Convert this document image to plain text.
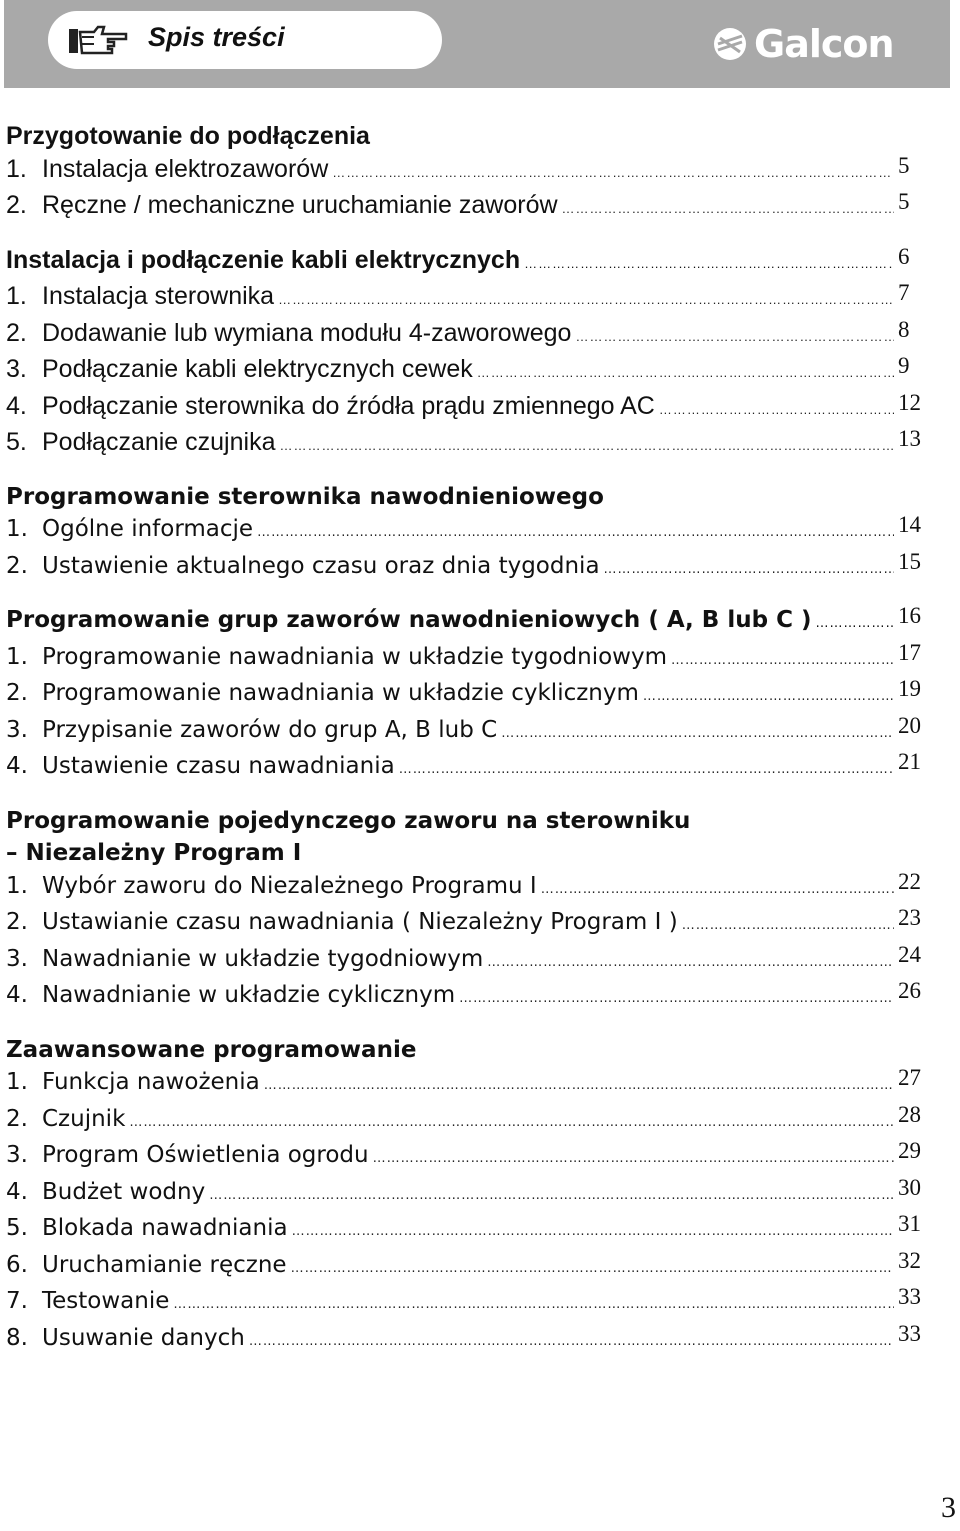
Spis treści	Galcon
Przygotowanie do podłączenia
1. Instalacja elektrozaworów ……………………………………………………………………………………………………………………………………………………………………………………………………	5
2. Ręczne / mechaniczne uruchamianie zaworów ……………………………………………………………………………………………………………………………………………………………………………………………………	5
Instalacja i podłączenie kabli elektrycznych ……………………………………………………………………………………………………………………………………………………………………………	6
1. Instalacja sterownika ……………………………………………………………………………………………………………………………………………………………………………………………………	7
2. Dodawanie lub wymiana modułu 4-zaworowego ……………………………………………………………………………………………………………………………………………………………………………………………………	8
3. Podłączanie kabli elektrycznych cewek ……………………………………………………………………………………………………………………………………………………………………………………………………	9
4. Podłączanie sterownika do źródła prądu zmiennego AC ……………………………………………………………………………………………………………………………………………………………………………………………………	12
5. Podłączanie czujnika ……………………………………………………………………………………………………………………………………………………………………………………………………	13
Programowanie sterownika nawodnieniowego
1. Ogólne informacje ……………………………………………………………………………………………………………………………………………………………………………………………………	14
2. Ustawienie aktualnego czasu oraz dnia tygodnia ……………………………………………………………………………………………………………………………………………………………………………………………………	15
Programowanie grup zaworów nawodnieniowych ( A, B lub C ) ……………………………………………………………………………………………………………………………………………………………………………	16
1. Programowanie nawadniania w układzie tygodniowym ……………………………………………………………………………………………………………………………………………………………………………………………………	17
2. Programowanie nawadniania w układzie cyklicznym ……………………………………………………………………………………………………………………………………………………………………………………………………	19
3. Przypisanie zaworów do grup A, B lub C ……………………………………………………………………………………………………………………………………………………………………………………………………	20
4. Ustawienie czasu nawadniania ……………………………………………………………………………………………………………………………………………………………………………………………………	21
Programowanie pojedynczego zaworu na sterowniku
– Niezależny Program I
1. Wybór zaworu do Niezależnego Programu I ……………………………………………………………………………………………………………………………………………………………………………………………………	22
2. Ustawianie czasu nawadniania ( Niezależny Program I ) ……………………………………………………………………………………………………………………………………………………………………………………………………	23
3. Nawadnianie w układzie tygodniowym ……………………………………………………………………………………………………………………………………………………………………………………………………	24
4. Nawadnianie w układzie cyklicznym ……………………………………………………………………………………………………………………………………………………………………………………………………	26
Zaawansowane programowanie
1. Funkcja nawożenia ……………………………………………………………………………………………………………………………………………………………………………………………………	27
2. Czujnik ……………………………………………………………………………………………………………………………………………………………………………………………………	28
3. Program Oświetlenia ogrodu ……………………………………………………………………………………………………………………………………………………………………………………………………	29
4. Budżet wodny ……………………………………………………………………………………………………………………………………………………………………………………………………	30
5. Blokada nawadniania ……………………………………………………………………………………………………………………………………………………………………………………………………	31
6. Uruchamianie ręczne ……………………………………………………………………………………………………………………………………………………………………………………………………	32
7. Testowanie ……………………………………………………………………………………………………………………………………………………………………………………………………	33
8. Usuwanie danych ……………………………………………………………………………………………………………………………………………………………………………………………………	33
3
